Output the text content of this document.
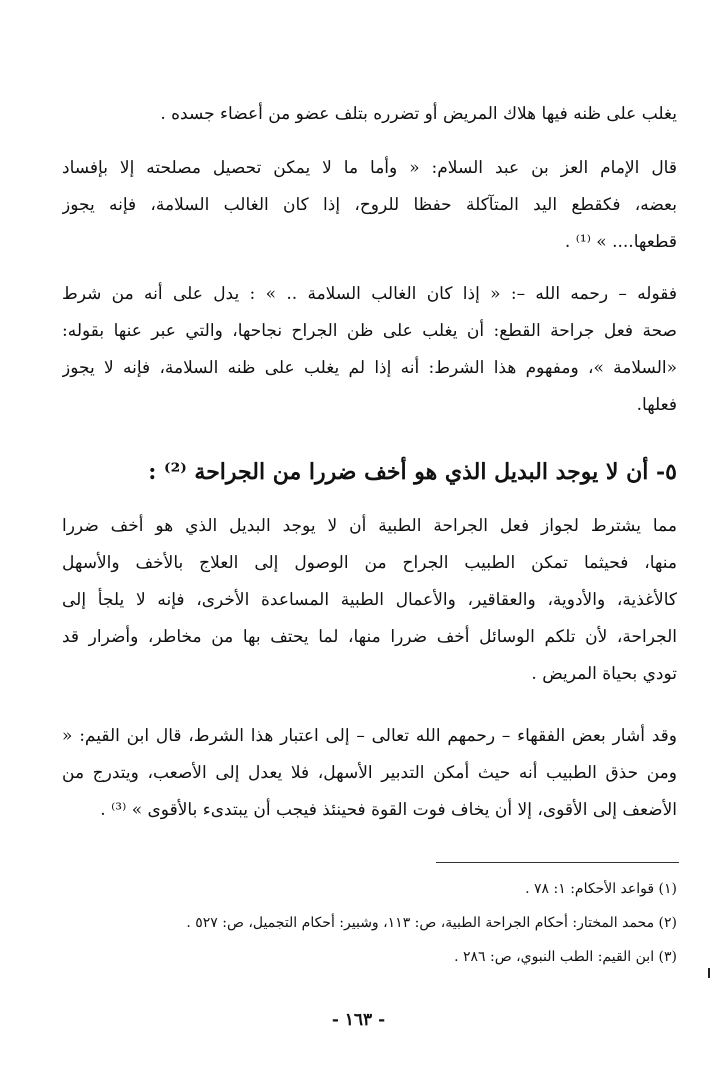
يغلب على ظنه فيها هلاك المريض أو تضرره بتلف عضو من أعضاء جسده .
قال الإمام العز بن عبد السلام: « وأما ما لا يمكن تحصيل مصلحته إلا بإفساد
بعضه، فكقطع اليد المتآكلة حفظا للروح، إذا كان الغالب السلامة، فإنه يجوز
قطعها.... » ⁽¹⁾ .
فقوله – رحمه الله –: « إذا كان الغالب السلامة .. » : يدل على أنه من شرط
صحة فعل جراحة القطع: أن يغلب على ظن الجراح نجاحها، والتي عبر عنها بقوله:
«السلامة »، ومفهوم هذا الشرط: أنه إذا لم يغلب على ظنه السلامة، فإنه لا يجوز
فعلها.
٥- أن لا يوجد البديل الذي هو أخف ضررا من الجراحة ⁽²⁾ :
مما يشترط لجواز فعل الجراحة الطبية أن لا يوجد البديل الذي هو أخف ضررا
منها، فحيثما تمكن الطبيب الجراح من الوصول إلى العلاج بالأخف والأسهل
كالأغذية، والأدوية، والعقاقير، والأعمال الطبية المساعدة الأخرى، فإنه لا يلجأ إلى
الجراحة، لأن تلكم الوسائل أخف ضررا منها، لما يحتف بها من مخاطر، وأضرار قد
تودي بحياة المريض .
وقد أشار بعض الفقهاء – رحمهم الله تعالى – إلى اعتبار هذا الشرط، قال ابن القيم: «
ومن حذق الطبيب أنه حيث أمكن التدبير الأسهل، فلا يعدل إلى الأصعب، ويتدرج من
الأضعف إلى الأقوى، إلا أن يخاف فوت القوة فحينئذ فيجب أن يبتدىء بالأقوى » ⁽³⁾ .
(١) قواعد الأحكام: ١: ٧٨ .
(٢) محمد المختار: أحكام الجراحة الطبية، ص: ١١٣، وشبير: أحكام التجميل، ص: ٥٢٧ .
(٣) ابن القيم: الطب النبوي، ص: ٢٨٦ .
- ١٦٣ -
